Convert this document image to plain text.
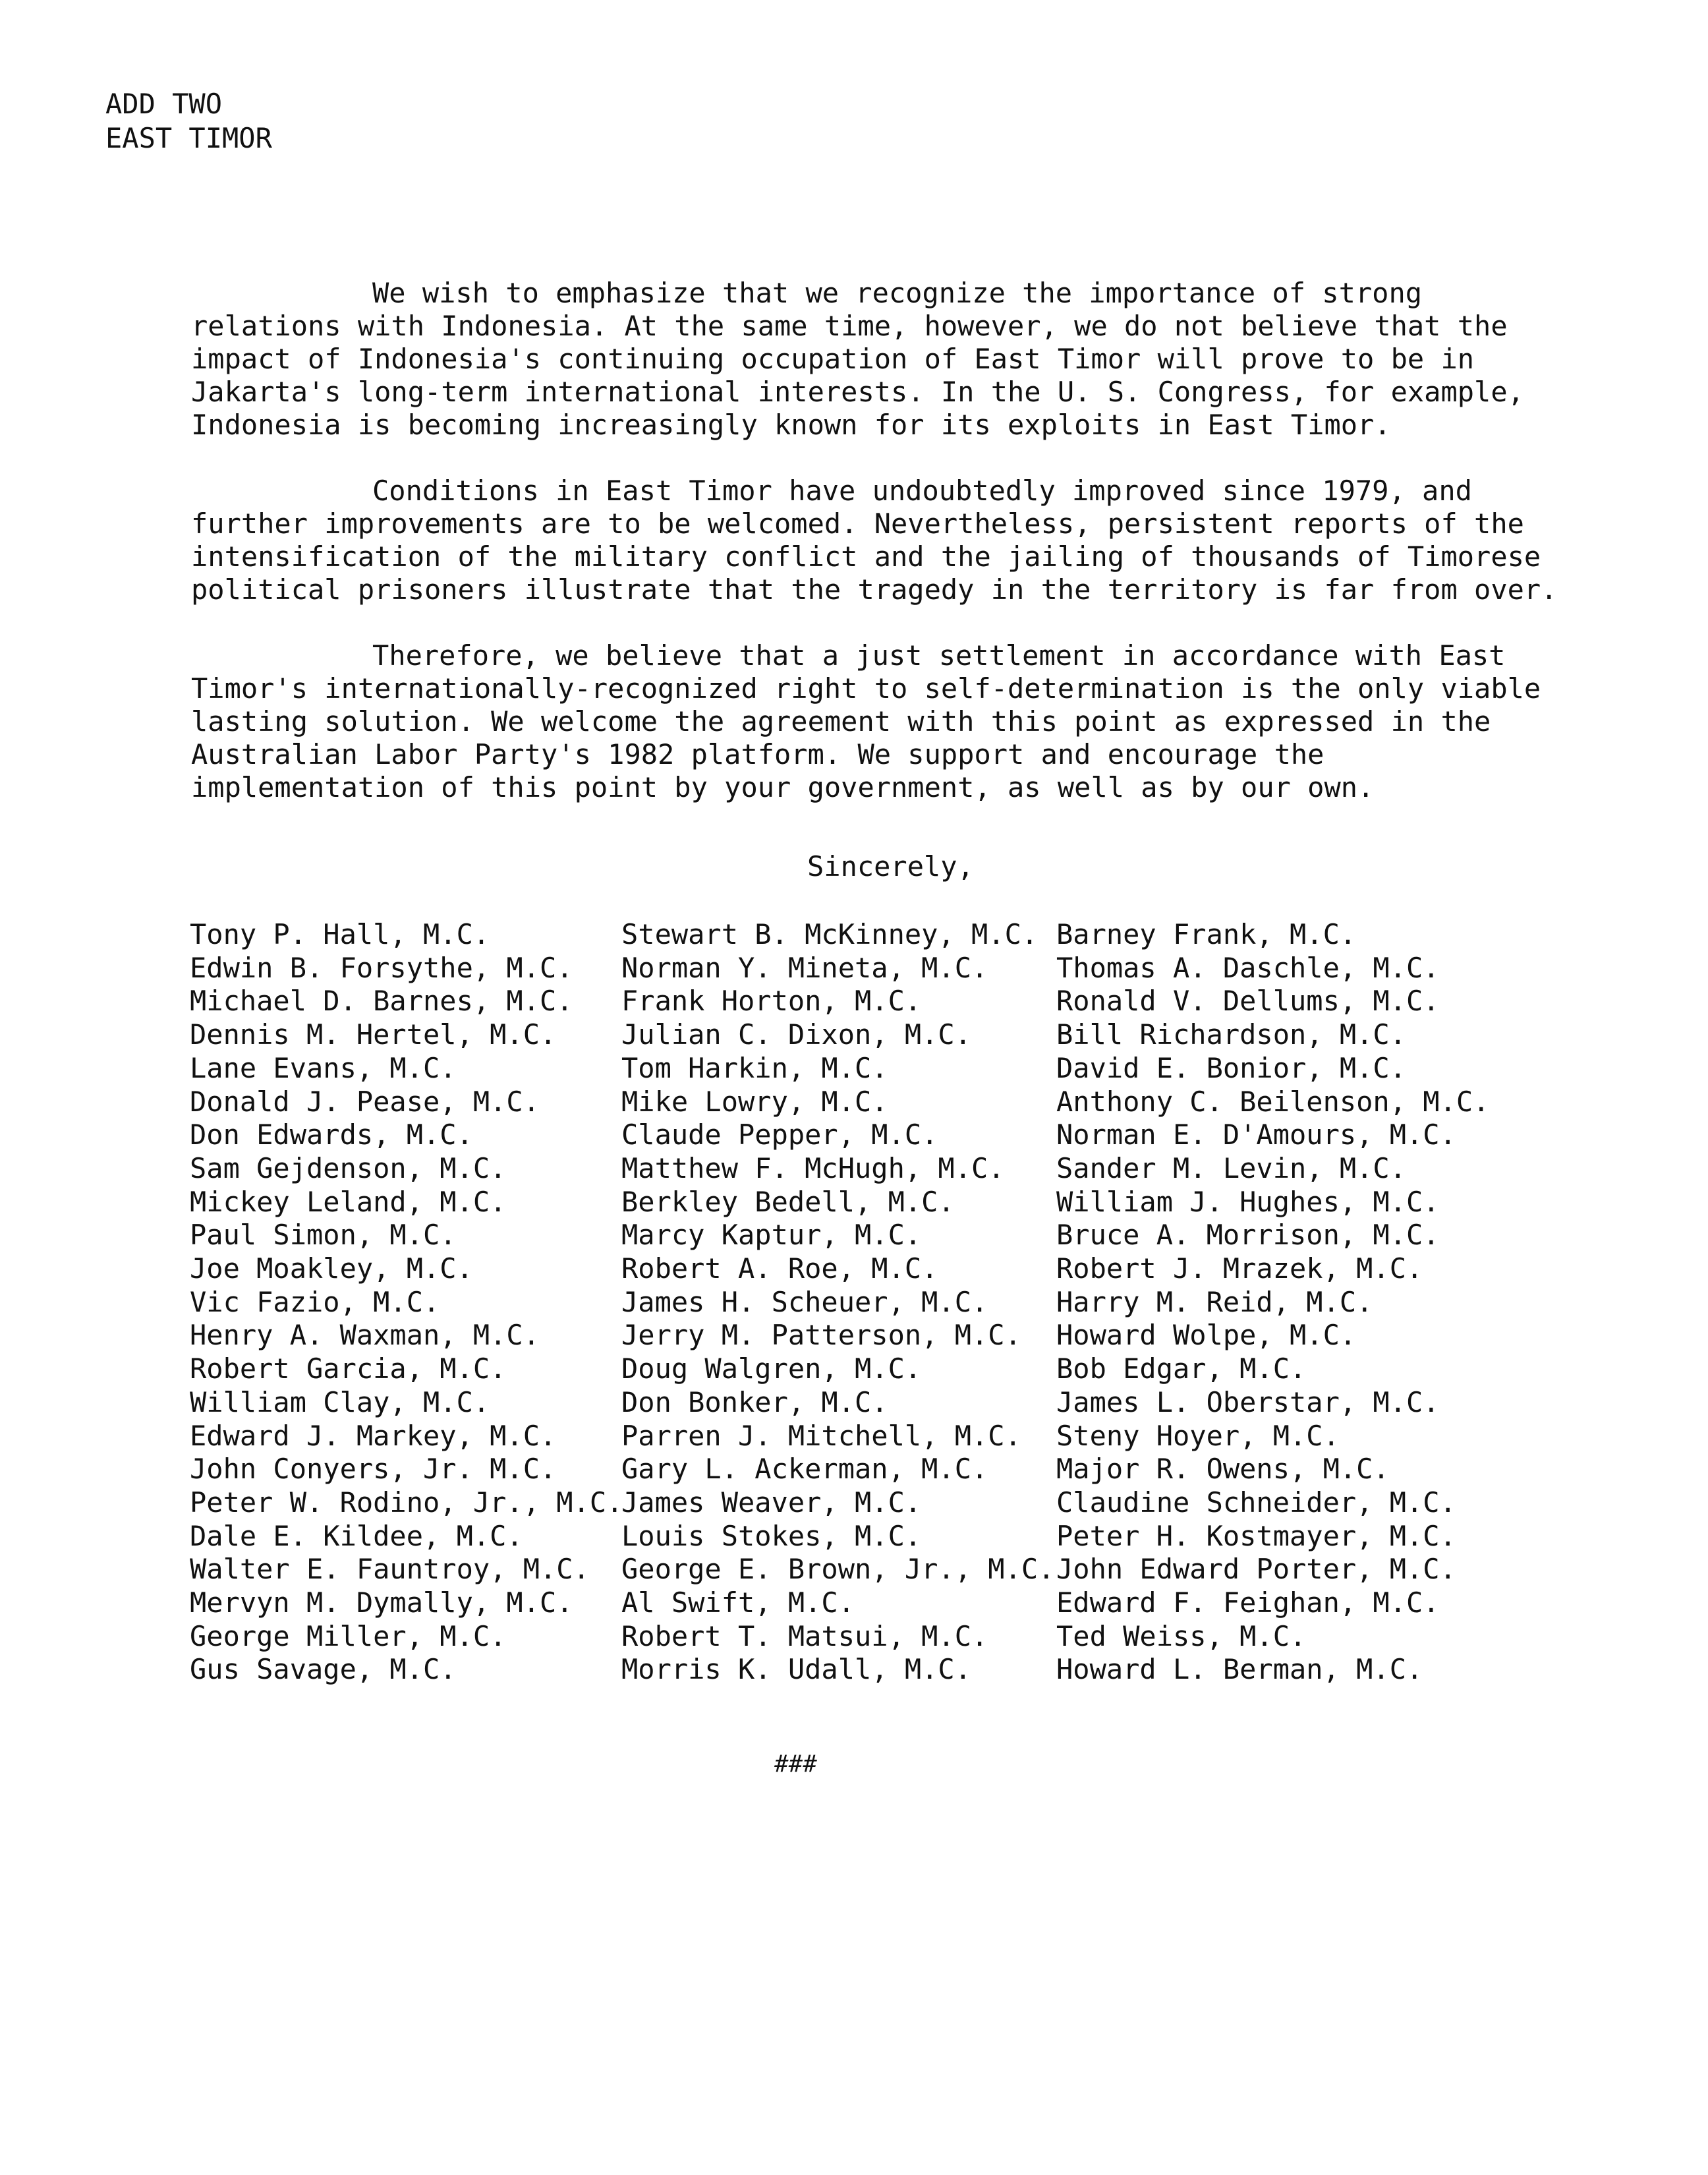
ADD TWO
EAST TIMOR

We wish to emphasize that we recognize the importance of strong relations with Indonesia. At the same time, however, we do not believe that the impact of Indonesia's continuing occupation of East Timor will prove to be in Jakarta's long-term international interests. In the U. S. Congress, for example, Indonesia is becoming increasingly known for its exploits in East Timor.

Conditions in East Timor have undoubtedly improved since 1979, and further improvements are to be welcomed. Nevertheless, persistent reports of the intensification of the military conflict and the jailing of thousands of Timorese political prisoners illustrate that the tragedy in the territory is far from over.

Therefore, we believe that a just settlement in accordance with East Timor's internationally-recognized right to self-determination is the only viable lasting solution. We welcome the agreement with this point as expressed in the Australian Labor Party's 1982 platform. We support and encourage the implementation of this point by your government, as well as by our own.

Sincerely,
Tony P. Hall, M.C.
Edwin B. Forsythe, M.C.
Michael D. Barnes, M.C.
Dennis M. Hertel, M.C.
Lane Evans, M.C.
Donald J. Pease, M.C.
Don Edwards, M.C.
Sam Gejdenson, M.C.
Mickey Leland, M.C.
Paul Simon, M.C.
Joe Moakley, M.C.
Vic Fazio, M.C.
Henry A. Waxman, M.C.
Robert Garcia, M.C.
William Clay, M.C.
Edward J. Markey, M.C.
John Conyers, Jr. M.C.
Peter W. Rodino, Jr., M.C.
Dale E. Kildee, M.C.
Walter E. Fauntroy, M.C.
Mervyn M. Dymally, M.C.
George Miller, M.C.
Gus Savage, M.C.
Stewart B. McKinney, M.C.
Norman Y. Mineta, M.C.
Frank Horton, M.C.
Julian C. Dixon, M.C.
Tom Harkin, M.C.
Mike Lowry, M.C.
Claude Pepper, M.C.
Matthew F. McHugh, M.C.
Berkley Bedell, M.C.
Marcy Kaptur, M.C.
Robert A. Roe, M.C.
James H. Scheuer, M.C.
Jerry M. Patterson, M.C.
Doug Walgren, M.C.
Don Bonker, M.C.
Parren J. Mitchell, M.C.
Gary L. Ackerman, M.C.
James Weaver, M.C.
Louis Stokes, M.C.
George E. Brown, Jr., M.C.
Al Swift, M.C.
Robert T. Matsui, M.C.
Morris K. Udall, M.C.
Barney Frank, M.C.
Thomas A. Daschle, M.C.
Ronald V. Dellums, M.C.
Bill Richardson, M.C.
David E. Bonior, M.C.
Anthony C. Beilenson, M.C.
Norman E. D'Amours, M.C.
Sander M. Levin, M.C.
William J. Hughes, M.C.
Bruce A. Morrison, M.C.
Robert J. Mrazek, M.C.
Harry M. Reid, M.C.
Howard Wolpe, M.C.
Bob Edgar, M.C.
James L. Oberstar, M.C.
Steny Hoyer, M.C.
Major R. Owens, M.C.
Claudine Schneider, M.C.
Peter H. Kostmayer, M.C.
John Edward Porter, M.C.
Edward F. Feighan, M.C.
Ted Weiss, M.C.
Howard L. Berman, M.C.
###
